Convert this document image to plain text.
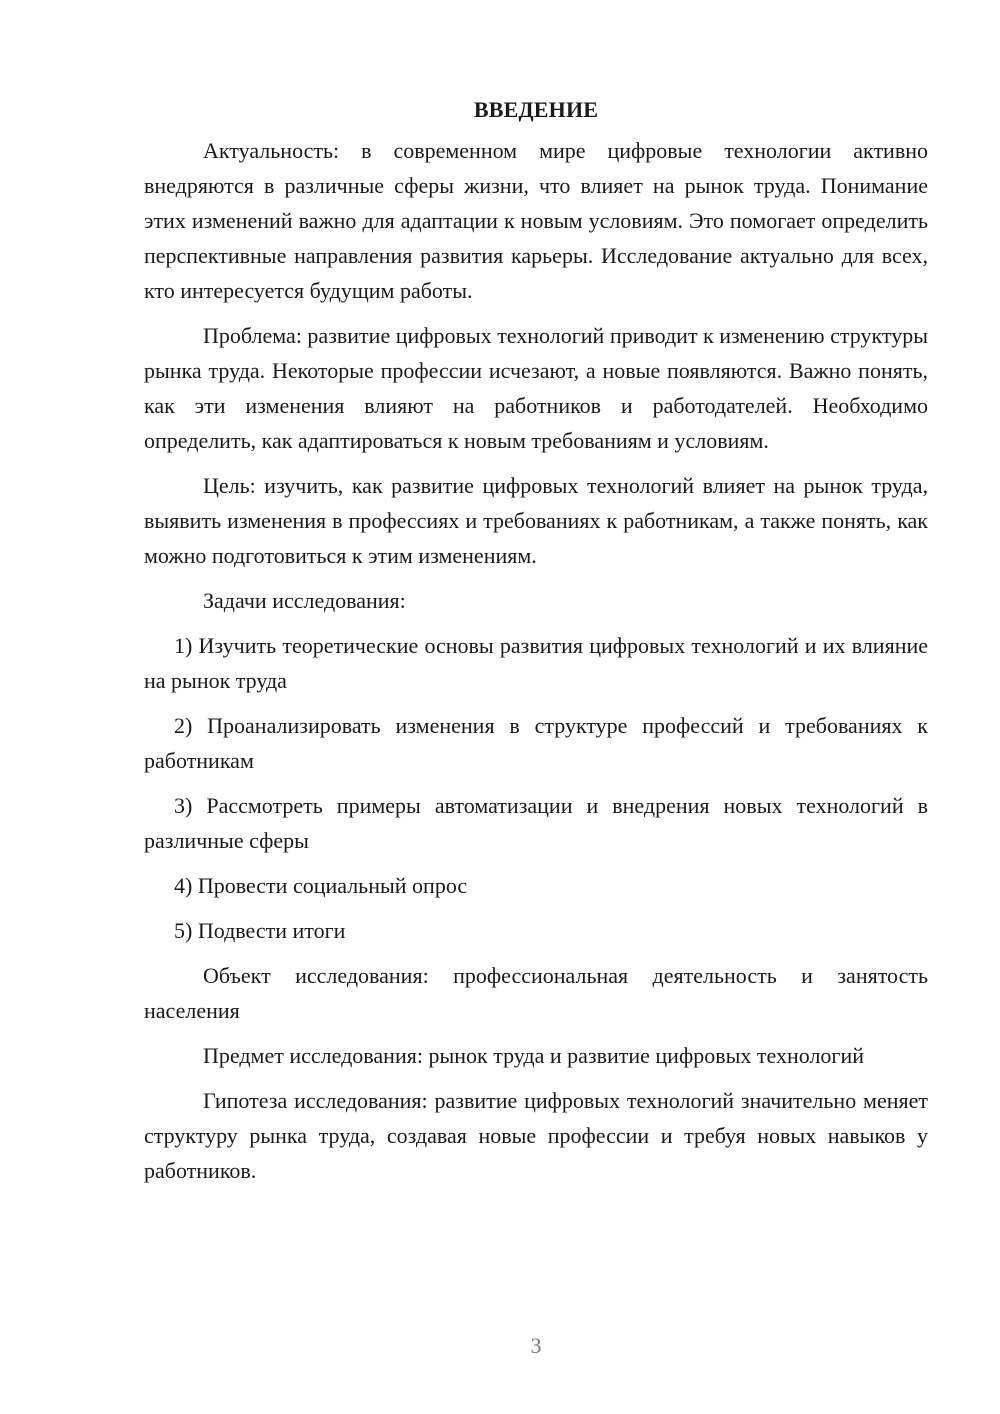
ВВЕДЕНИЕ

Актуальность: в современном мире цифровые технологии активно внедряются в различные сферы жизни, что влияет на рынок труда. Понимание этих изменений важно для адаптации к новым условиям. Это помогает определить перспективные направления развития карьеры. Исследование актуально для всех, кто интересуется будущим работы.

Проблема: развитие цифровых технологий приводит к изменению структуры рынка труда. Некоторые профессии исчезают, а новые появляются. Важно понять, как эти изменения влияют на работников и работодателей. Необходимо определить, как адаптироваться к новым требованиям и условиям.

Цель: изучить, как развитие цифровых технологий влияет на рынок труда, выявить изменения в профессиях и требованиях к работникам, а также понять, как можно подготовиться к этим изменениям.

Задачи исследования:

1) Изучить теоретические основы развития цифровых технологий и их влияние на рынок труда

2) Проанализировать изменения в структуре профессий и требованиях к работникам

3) Рассмотреть примеры автоматизации и внедрения новых технологий в различные сферы

4) Провести социальный опрос

5) Подвести итоги

Объект исследования: профессиональная деятельность и занятость населения

Предмет исследования: рынок труда и развитие цифровых технологий

Гипотеза исследования: развитие цифровых технологий значительно меняет структуру рынка труда, создавая новые профессии и требуя новых навыков у работников.

3
